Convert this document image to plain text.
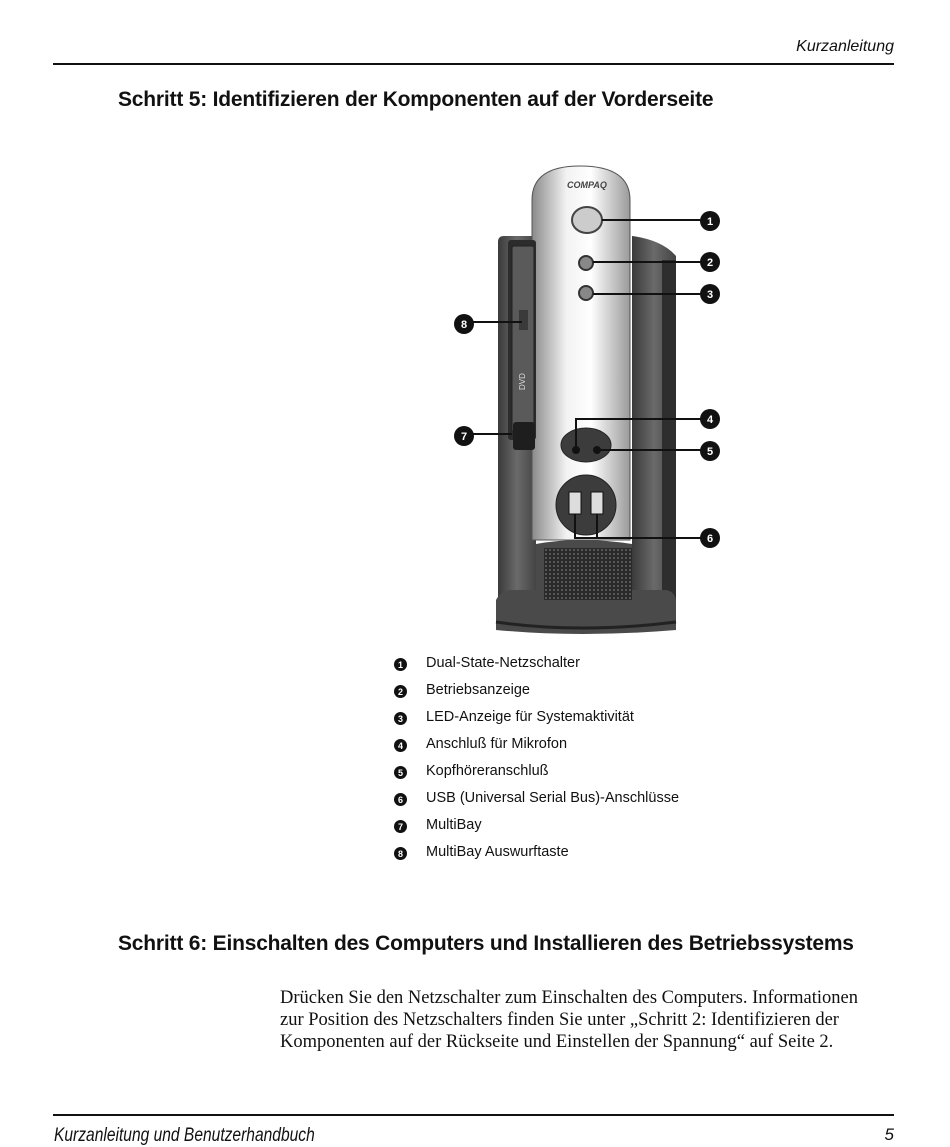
Kurzanleitung
Schritt 5: Identifizieren der Komponenten auf der Vorderseite
DVD
COMPAQ
1
2
3
4
5
6
7
8
1 Dual-State-Netzschalter
2 Betriebsanzeige
3 LED-Anzeige für Systemaktivität
4 Anschluß für Mikrofon
5 Kopfhöreranschluß
6 USB (Universal Serial Bus)-Anschlüsse
7 MultiBay
8 MultiBay Auswurftaste
Schritt 6: Einschalten des Computers und Installieren des Betriebssystems
Drücken Sie den Netzschalter zum Einschalten des Computers. Informationen
zur Position des Netzschalters finden Sie unter „Schritt 2: Identifizieren der
Komponenten auf der Rückseite und Einstellen der Spannung“ auf Seite 2.
Kurzanleitung und Benutzerhandbuch	5
